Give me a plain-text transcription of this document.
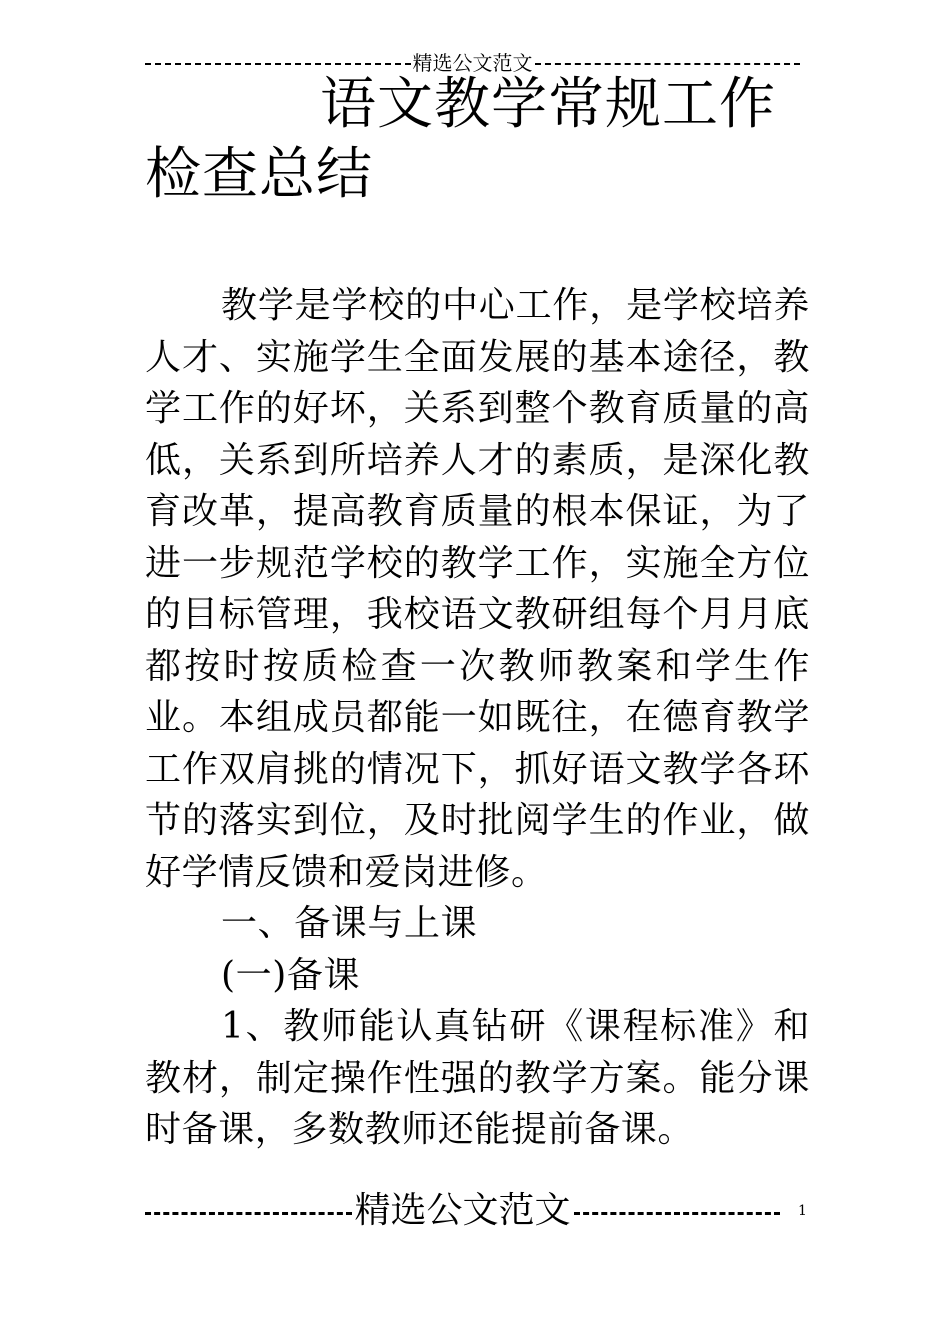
精选公文范文
语文教学常规工作检查总结

教学是学校的中心工作，是学校培养人才、实施学生全面发展的基本途径，教学工作的好坏，关系到整个教育质量的高低，关系到所培养人才的素质，是深化教育改革，提高教育质量的根本保证，为了进一步规范学校的教学工作，实施全方位的目标管理，我校语文教研组每个月月底都按时按质检查一次教师教案和学生作业。本组成员都能一如既往，在德育教学工作双肩挑的情况下，抓好语文教学各环节的落实到位，及时批阅学生的作业，做好学情反馈和爱岗进修。

一、备课与上课

(一)备课

1、教师能认真钻研《课程标准》和教材，制定操作性强的教学方案。能分课时备课，多数教师还能提前备课。

精选公文范文	1
